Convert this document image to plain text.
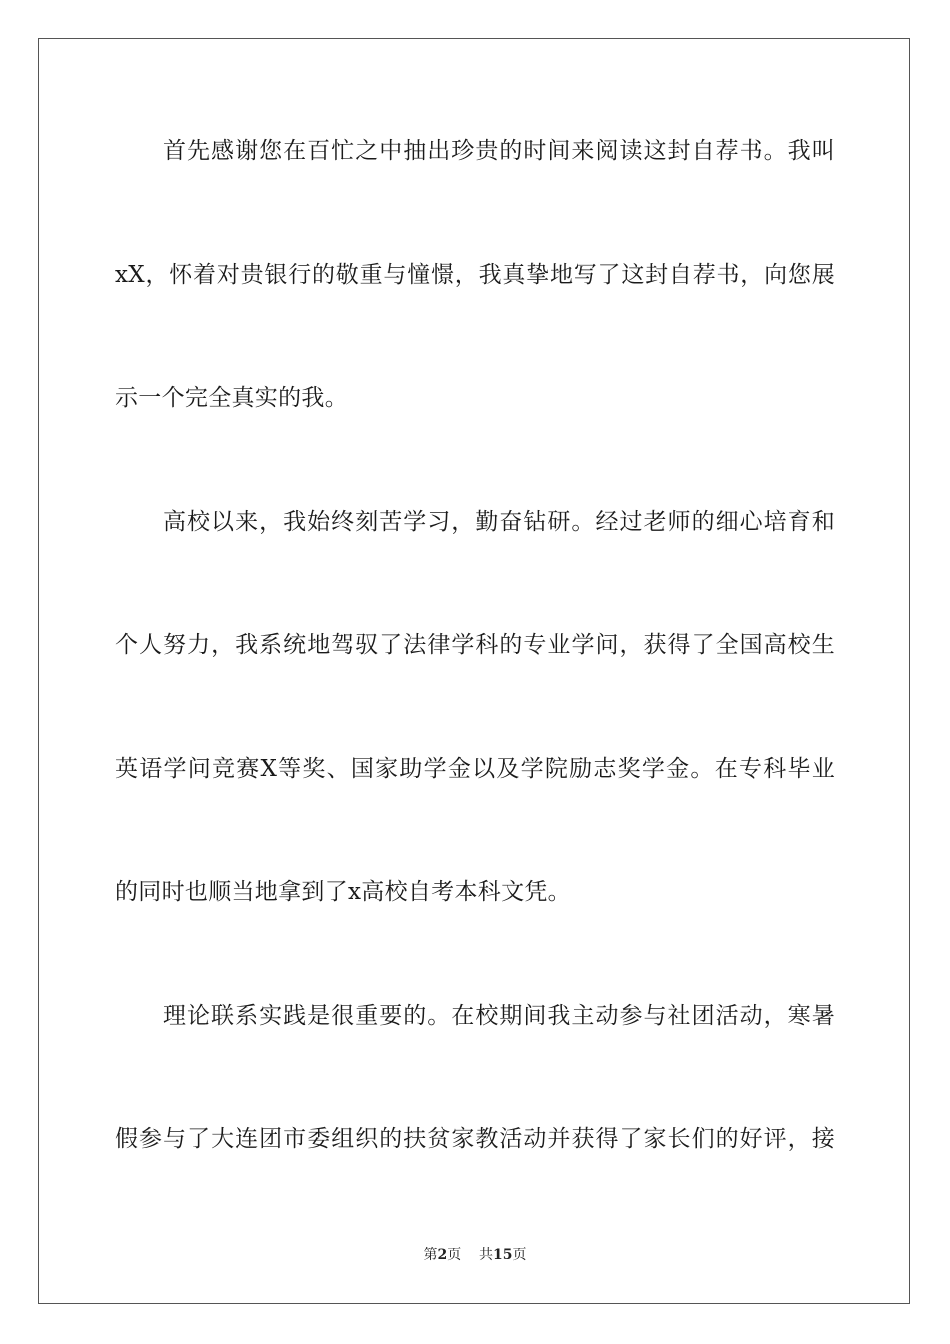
首先感谢您在百忙之中抽出珍贵的时间来阅读这封自荐书。我叫
xX，怀着对贵银行的敬重与憧憬，我真挚地写了这封自荐书，向您展
示一个完全真实的我。
高校以来，我始终刻苦学习，勤奋钻研。经过老师的细心培育和
个人努力，我系统地驾驭了法律学科的专业学问，获得了全国高校生
英语学问竞赛X等奖、国家助学金以及学院励志奖学金。在专科毕业
的同时也顺当地拿到了x高校自考本科文凭。
理论联系实践是很重要的。在校期间我主动参与社团活动，寒暑
假参与了大连团市委组织的扶贫家教活动并获得了家长们的好评，接
第2页 共15页
